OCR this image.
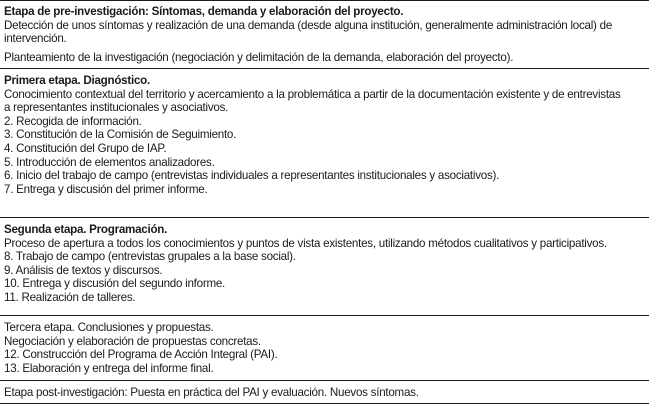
Etapa de pre-investigación: Síntomas, demanda y elaboración del proyecto.
Detección de unos síntomas y realización de una demanda (desde alguna institución, generalmente administración local) de
intervención.
Planteamiento de la investigación (negociación y delimitación de la demanda, elaboración del proyecto).
Primera etapa. Diagnóstico.
Conocimiento contextual del territorio y acercamiento a la problemática a partir de la documentación existente y de entrevistas
a representantes institucionales y asociativos.
2. Recogida de información.
3. Constitución de la Comisión de Seguimiento.
4. Constitución del Grupo de IAP.
5. Introducción de elementos analizadores.
6. Inicio del trabajo de campo (entrevistas individuales a representantes institucionales y asociativos).
7. Entrega y discusión del primer informe.
Segunda etapa. Programación.
Proceso de apertura a todos los conocimientos y puntos de vista existentes, utilizando métodos cualitativos y participativos.
8. Trabajo de campo (entrevistas grupales a la base social).
9. Análisis de textos y discursos.
10. Entrega y discusión del segundo informe.
11. Realización de talleres.
Tercera etapa. Conclusiones y propuestas.
Negociación y elaboración de propuestas concretas.
12. Construcción del Programa de Acción Integral (PAI).
13. Elaboración y entrega del informe final.
Etapa post-investigación: Puesta en práctica del PAI y evaluación. Nuevos síntomas.
